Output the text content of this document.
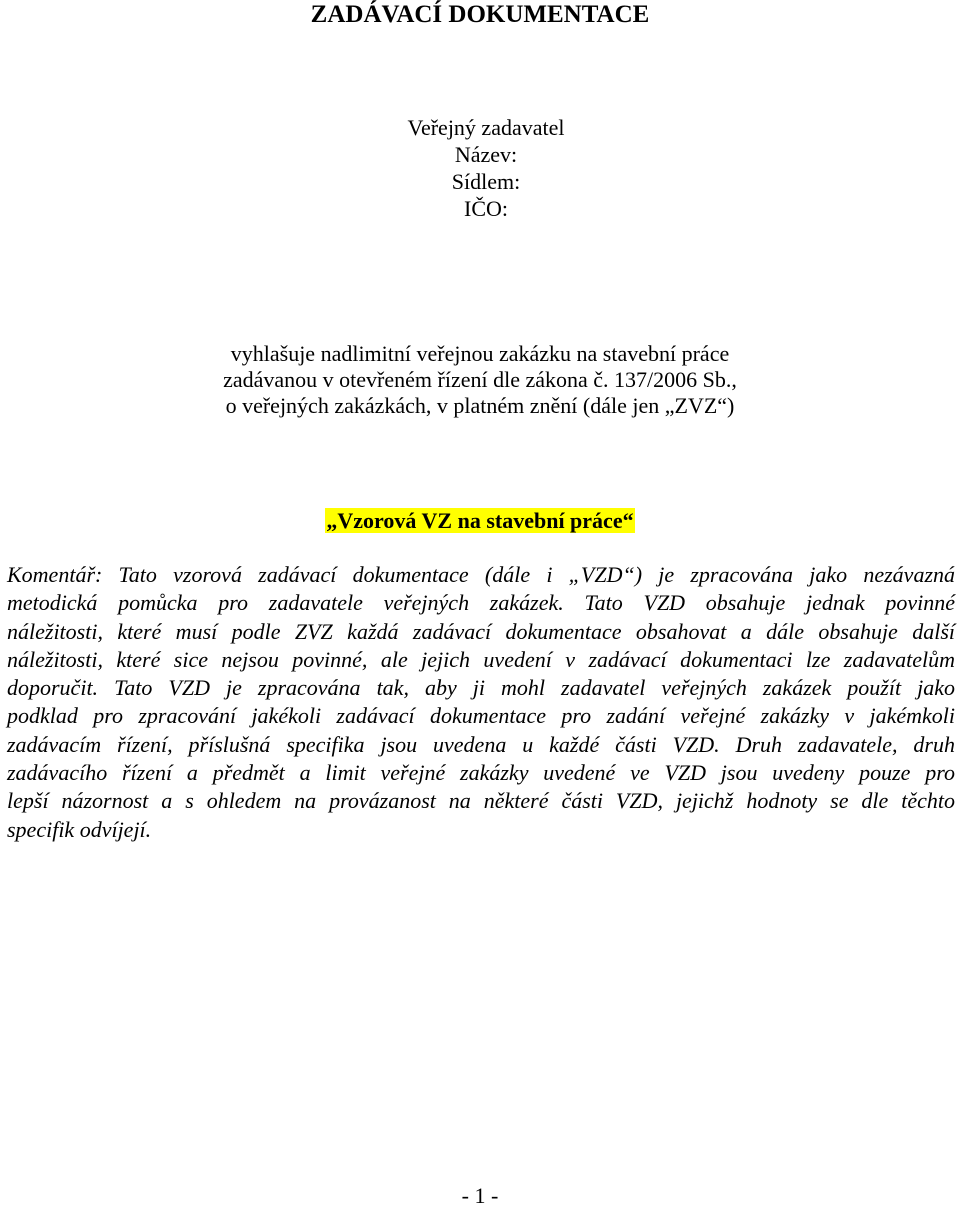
ZADÁVACÍ DOKUMENTACE
Veřejný zadavatel
Název:
Sídlem:
IČO:
vyhlašuje nadlimitní veřejnou zakázku na stavební práce
zadávanou v otevřeném řízení dle zákona č. 137/2006 Sb.,
o veřejných zakázkách, v platném znění (dále jen „ZVZ“)
„Vzorová VZ na stavební práce“
Komentář: Tato vzorová zadávací dokumentace (dále i „VZD“) je zpracována jako nezávazná
metodická pomůcka pro zadavatele veřejných zakázek. Tato VZD obsahuje jednak povinné
náležitosti, které musí podle ZVZ každá zadávací dokumentace obsahovat a dále obsahuje další
náležitosti, které sice nejsou povinné, ale jejich uvedení v zadávací dokumentaci lze zadavatelům
doporučit. Tato VZD je zpracována tak, aby ji mohl zadavatel veřejných zakázek použít jako
podklad pro zpracování jakékoli zadávací dokumentace pro zadání veřejné zakázky v jakémkoli
zadávacím řízení, příslušná specifika jsou uvedena u každé části VZD. Druh zadavatele, druh
zadávacího řízení a předmět a limit veřejné zakázky uvedené ve VZD jsou uvedeny pouze pro
lepší názornost a s ohledem na provázanost na některé části VZD, jejichž hodnoty se dle těchto
specifik odvíjejí.
- 1 -
